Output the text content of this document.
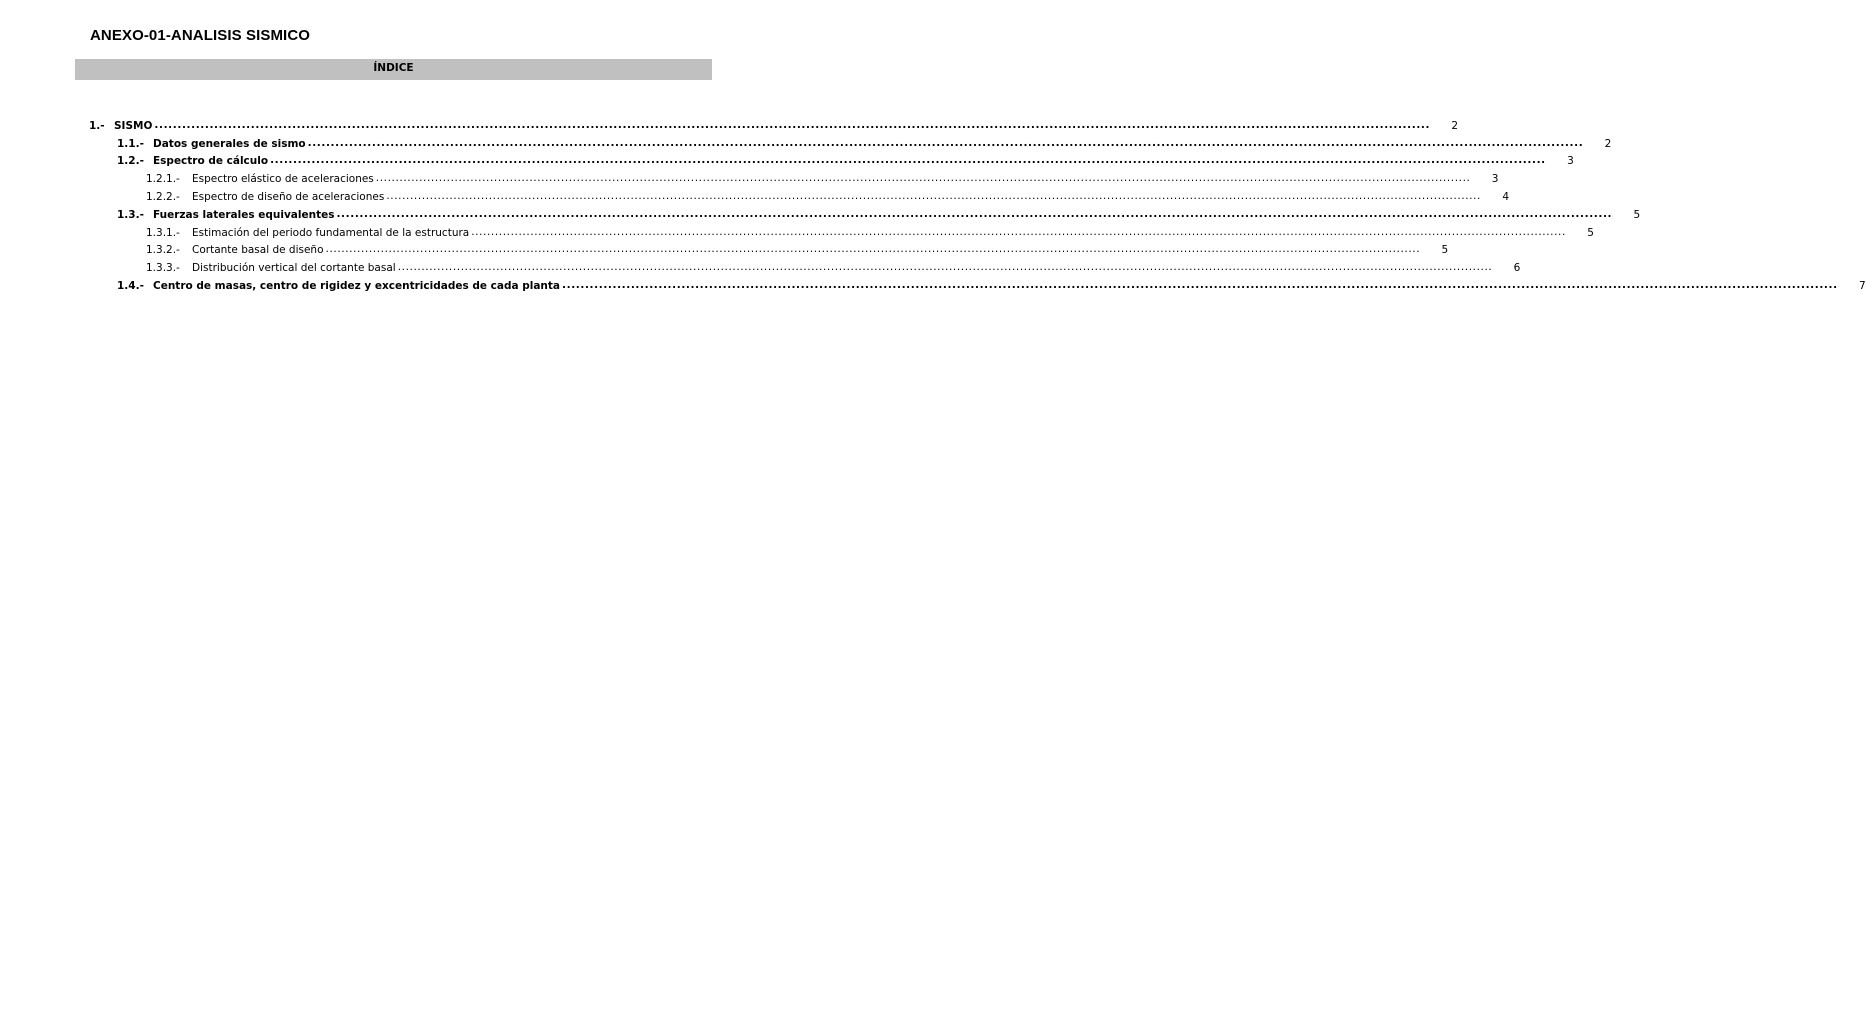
ANEXO-01-ANALISIS SISMICO
ÍNDICE
1.- SISMO .....	2
1.1.- Datos generales de sismo .....	2
1.2.- Espectro de cálculo .....	3
1.2.1.-	Espectro elástico de aceleraciones .....	3
1.2.2.-	Espectro de diseño de aceleraciones .....	4
1.3.- Fuerzas laterales equivalentes .....	5
1.3.1.-	Estimación del periodo fundamental de la estructura .....	5
1.3.2.-	Cortante basal de diseño .....	5
1.3.3.-	Distribución vertical del cortante basal .....	6
1.4.- Centro de masas, centro de rigidez y excentricidades de cada planta .....	7
